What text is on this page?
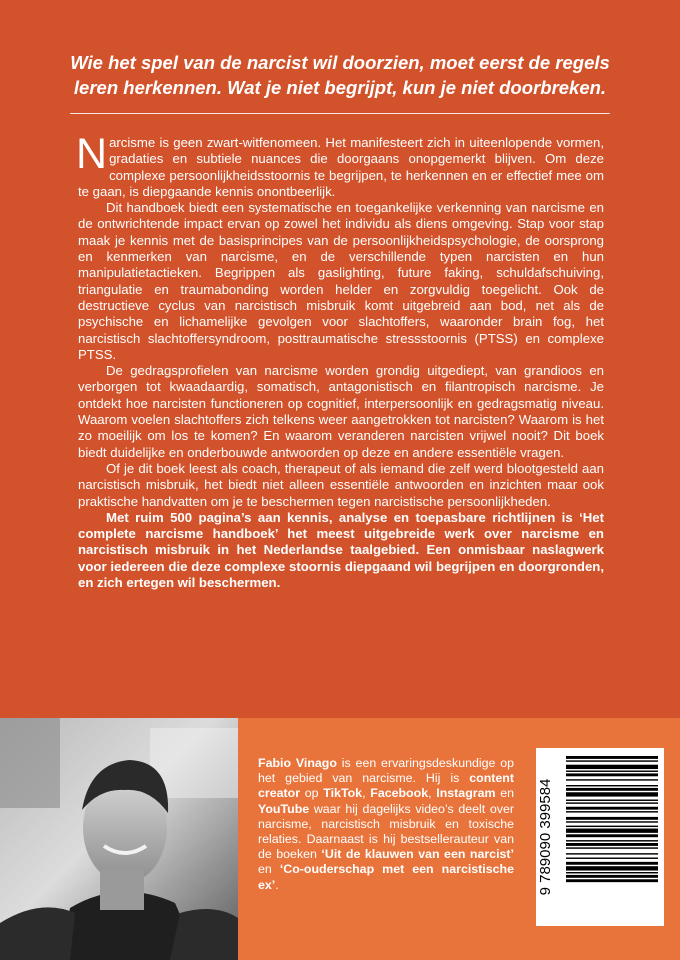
Wie het spel van de narcist wil doorzien, moet eerst de regels
leren herkennen. Wat je niet begrijpt, kun je niet doorbreken.

Narcisme is geen zwart-witfenomeen. Het manifesteert zich in uiteenlopende vormen, gradaties en subtiele nuances die doorgaans onopgemerkt blijven. Om deze complexe persoonlijkheidsstoornis te begrijpen, te herkennen en er effectief mee om te gaan, is diepgaande kennis onontbeerlijk.

Dit handboek biedt een systematische en toegankelijke verkenning van narcisme en de ontwrichtende impact ervan op zowel het individu als diens omgeving. Stap voor stap maak je kennis met de basisprincipes van de persoonlijkheidspsychologie, de oorsprong en kenmerken van narcisme, en de verschillende typen narcisten en hun manipulatietactieken. Begrippen als gaslighting, future faking, schuldafschuiving, triangulatie en traumabonding worden helder en zorgvuldig toegelicht. Ook de destructieve cyclus van narcistisch misbruik komt uitgebreid aan bod, net als de psychische en lichamelijke gevolgen voor slachtoffers, waaronder brain fog, het narcistisch slachtoffersyndroom, posttraumatische stressstoornis (PTSS) en complexe PTSS.

De gedragsprofielen van narcisme worden grondig uitgediept, van grandioos en verborgen tot kwaadaardig, somatisch, antagonistisch en filantropisch narcisme. Je ontdekt hoe narcisten functioneren op cognitief, interpersoonlijk en gedragsmatig niveau. Waarom voelen slachtoffers zich telkens weer aangetrokken tot narcisten? Waarom is het zo moeilijk om los te komen? En waarom veranderen narcisten vrijwel nooit? Dit boek biedt duidelijke en onderbouwde antwoorden op deze en andere essentiële vragen.

Of je dit boek leest als coach, therapeut of als iemand die zelf werd blootgesteld aan narcistisch misbruik, het biedt niet alleen essentiële antwoorden en inzichten maar ook praktische handvatten om je te beschermen tegen narcistische persoonlijkheden.

Met ruim 500 pagina’s aan kennis, analyse en toepasbare richtlijnen is ‘Het complete narcisme handboek’ het meest uitgebreide werk over narcisme en narcistisch misbruik in het Nederlandse taalgebied. Een onmisbaar naslagwerk voor iedereen die deze complexe stoornis diepgaand wil begrijpen en doorgronden, en zich ertegen wil beschermen.

Fabio Vinago is een ervaringsdeskundige op het gebied van narcisme. Hij is content creator op TikTok, Facebook, Instagram en YouTube waar hij dagelijks video’s deelt over narcisme, narcistisch misbruik en toxische relaties. Daarnaast is hij bestsellerauteur van de boeken ‘Uit de klauwen van een narcist’ en ‘Co-ouderschap met een narcistische ex’.	9 789090 399584
